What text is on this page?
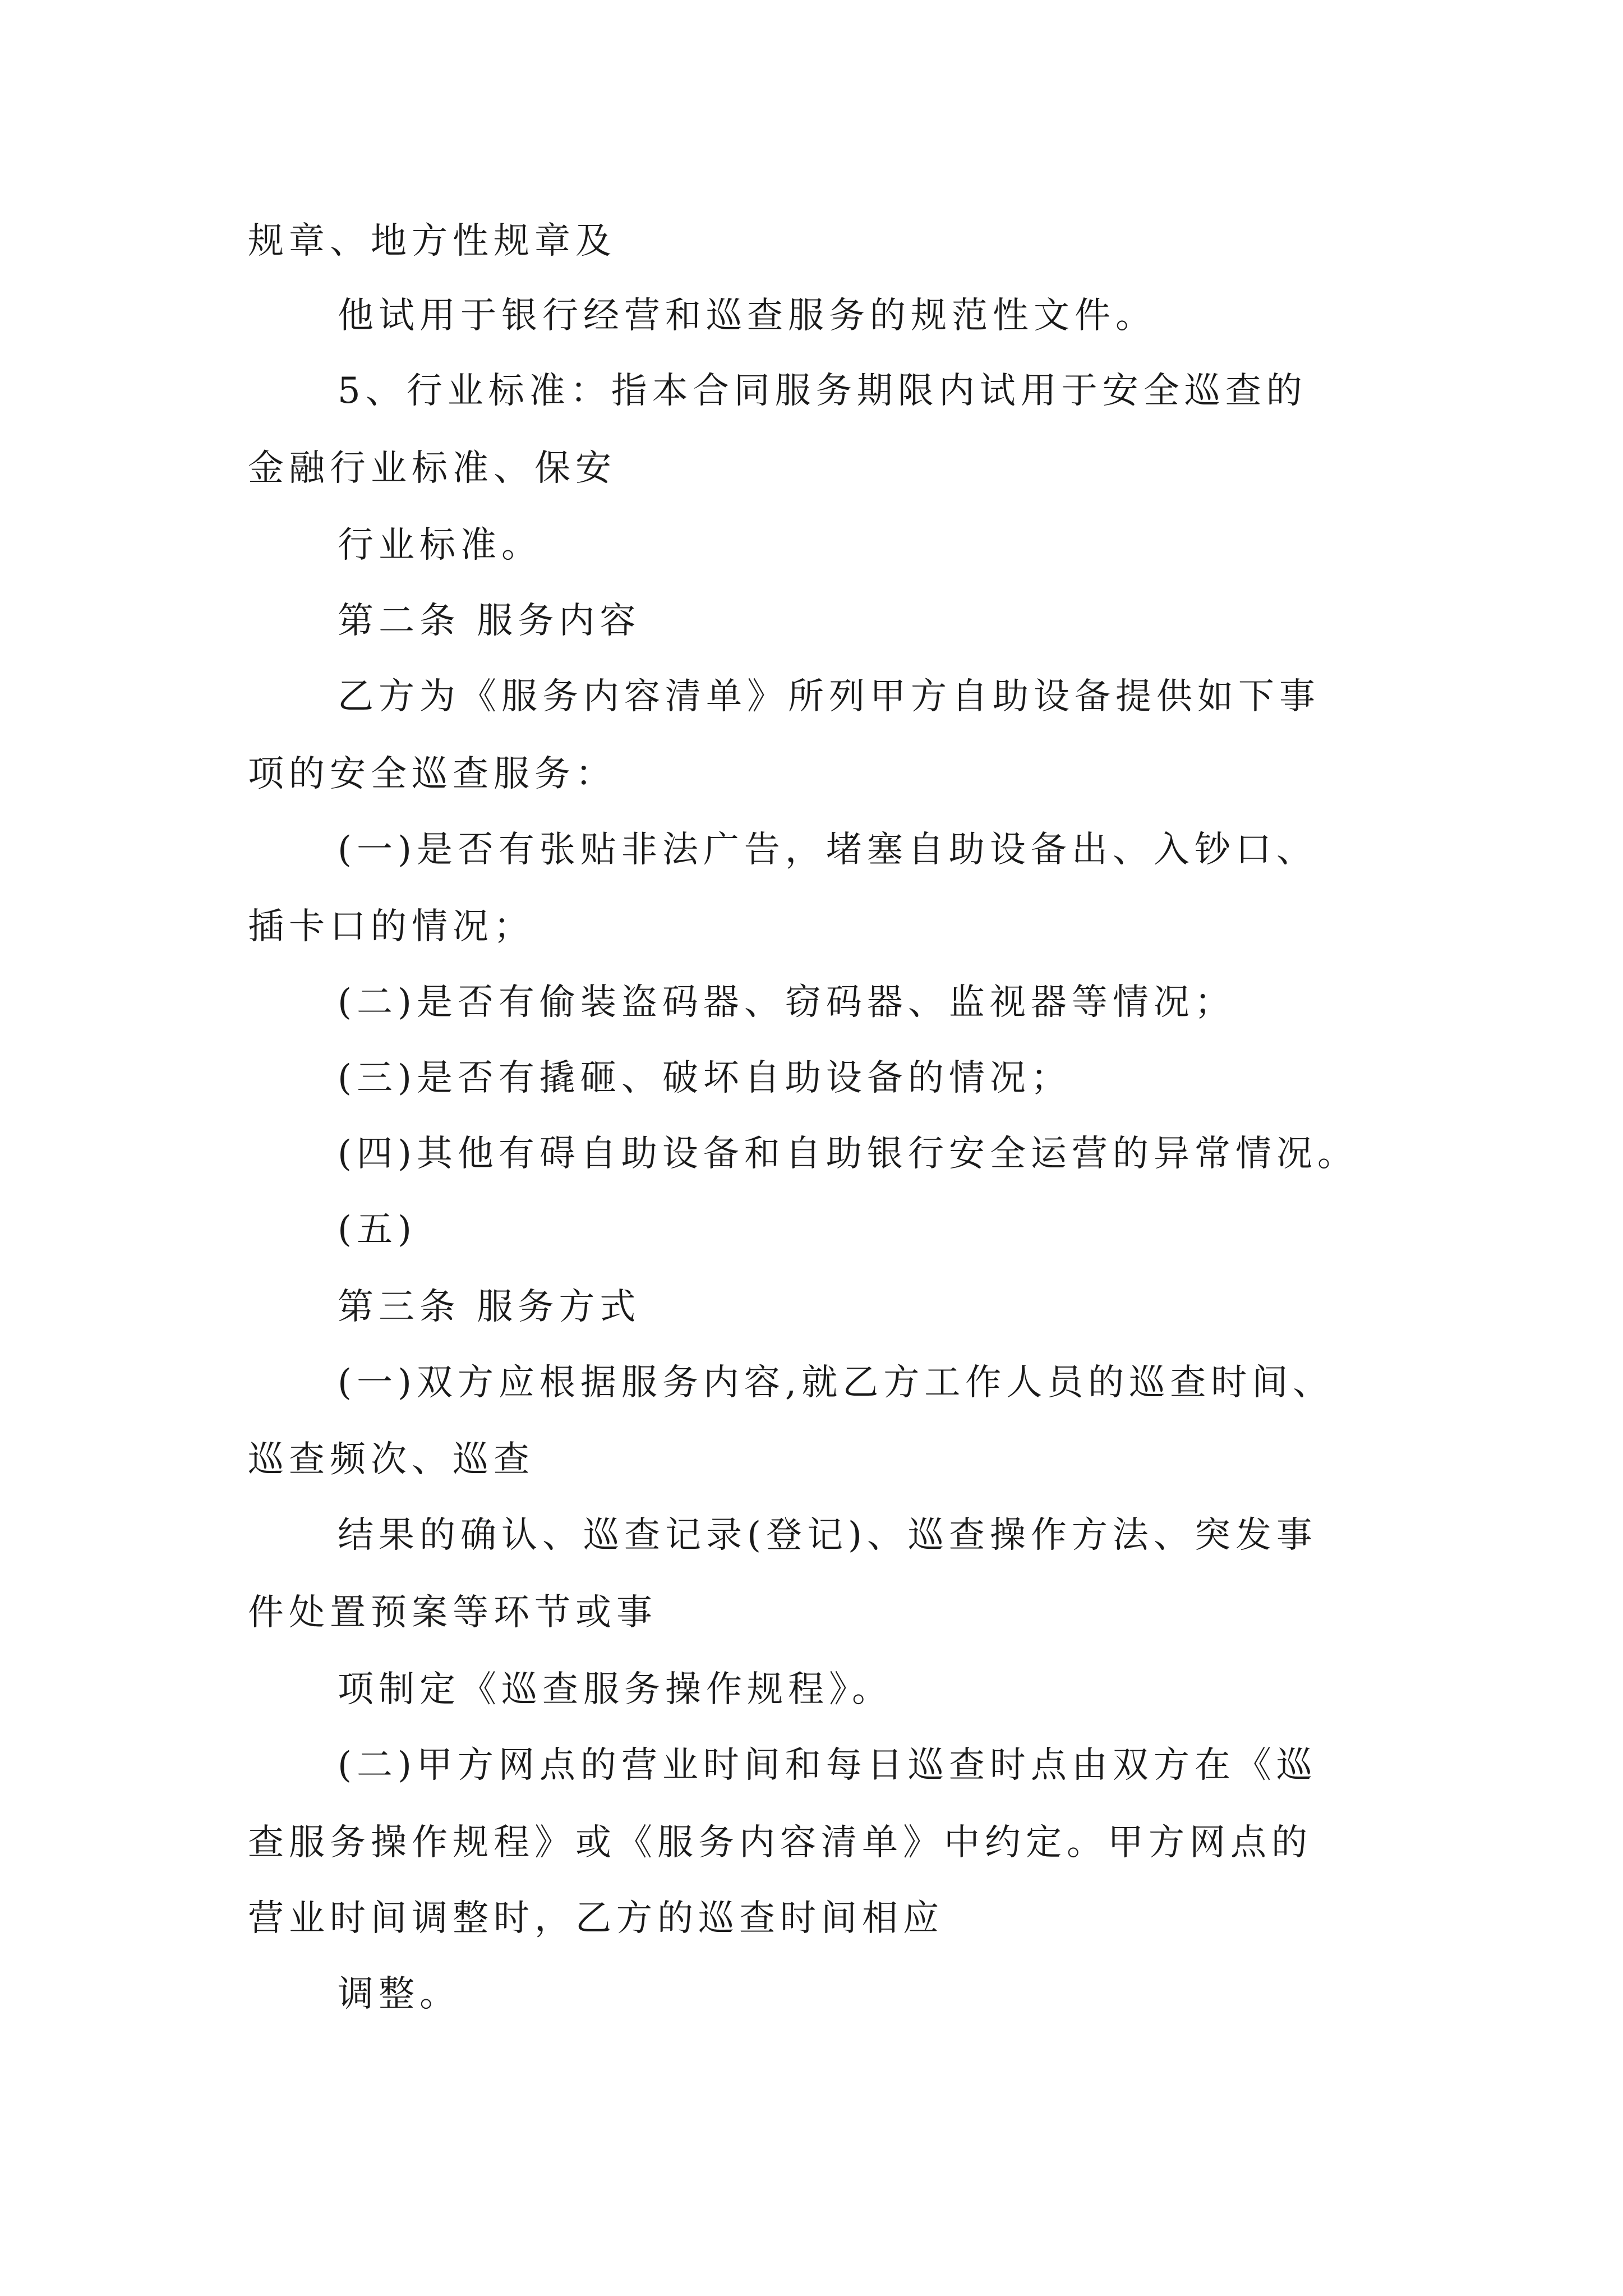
规章、地方性规章及
他试用于银行经营和巡查服务的规范性文件。
5、行业标准：指本合同服务期限内试用于安全巡查的
金融行业标准、保安
行业标准。
第二条 服务内容
乙方为《服务内容清单》所列甲方自助设备提供如下事
项的安全巡查服务：
(一)是否有张贴非法广告，堵塞自助设备出、入钞口、
插卡口的情况；
(二)是否有偷装盗码器、窃码器、监视器等情况；
(三)是否有撬砸、破坏自助设备的情况；
(四)其他有碍自助设备和自助银行安全运营的异常情况。
(五)
第三条 服务方式
(一)双方应根据服务内容,就乙方工作人员的巡查时间、
巡查频次、巡查
结果的确认、巡查记录(登记)、巡查操作方法、突发事
件处置预案等环节或事
项制定《巡查服务操作规程》。
(二)甲方网点的营业时间和每日巡查时点由双方在《巡
查服务操作规程》或《服务内容清单》中约定。甲方网点的
营业时间调整时，乙方的巡查时间相应
调整。
